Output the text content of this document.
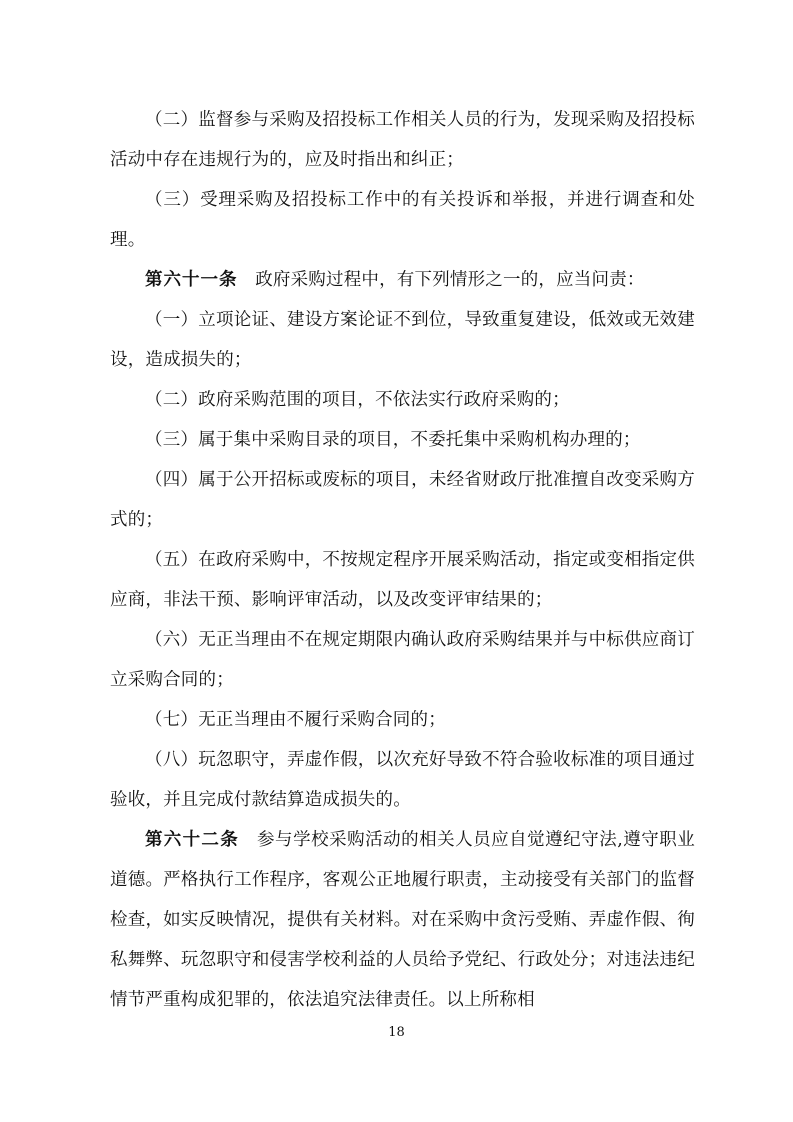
（二）监督参与采购及招投标工作相关人员的行为，发现采购及招投标活动中存在违规行为的，应及时指出和纠正；

（三）受理采购及招投标工作中的有关投诉和举报，并进行调查和处理。

第六十一条　政府采购过程中，有下列情形之一的，应当问责：

（一）立项论证、建设方案论证不到位，导致重复建设，低效或无效建设，造成损失的；

（二）政府采购范围的项目，不依法实行政府采购的；

（三）属于集中采购目录的项目，不委托集中采购机构办理的；

（四）属于公开招标或废标的项目，未经省财政厅批准擅自改变采购方式的；

（五）在政府采购中，不按规定程序开展采购活动，指定或变相指定供应商，非法干预、影响评审活动，以及改变评审结果的；

（六）无正当理由不在规定期限内确认政府采购结果并与中标供应商订立采购合同的；

（七）无正当理由不履行采购合同的；

（八）玩忽职守，弄虚作假，以次充好导致不符合验收标准的项目通过验收，并且完成付款结算造成损失的。

第六十二条　参与学校采购活动的相关人员应自觉遵纪守法,遵守职业道德。严格执行工作程序，客观公正地履行职责，主动接受有关部门的监督检查，如实反映情况，提供有关材料。对在采购中贪污受贿、弄虚作假、徇私舞弊、玩忽职守和侵害学校利益的人员给予党纪、行政处分；对违法违纪情节严重构成犯罪的，依法追究法律责任。以上所称相

18
